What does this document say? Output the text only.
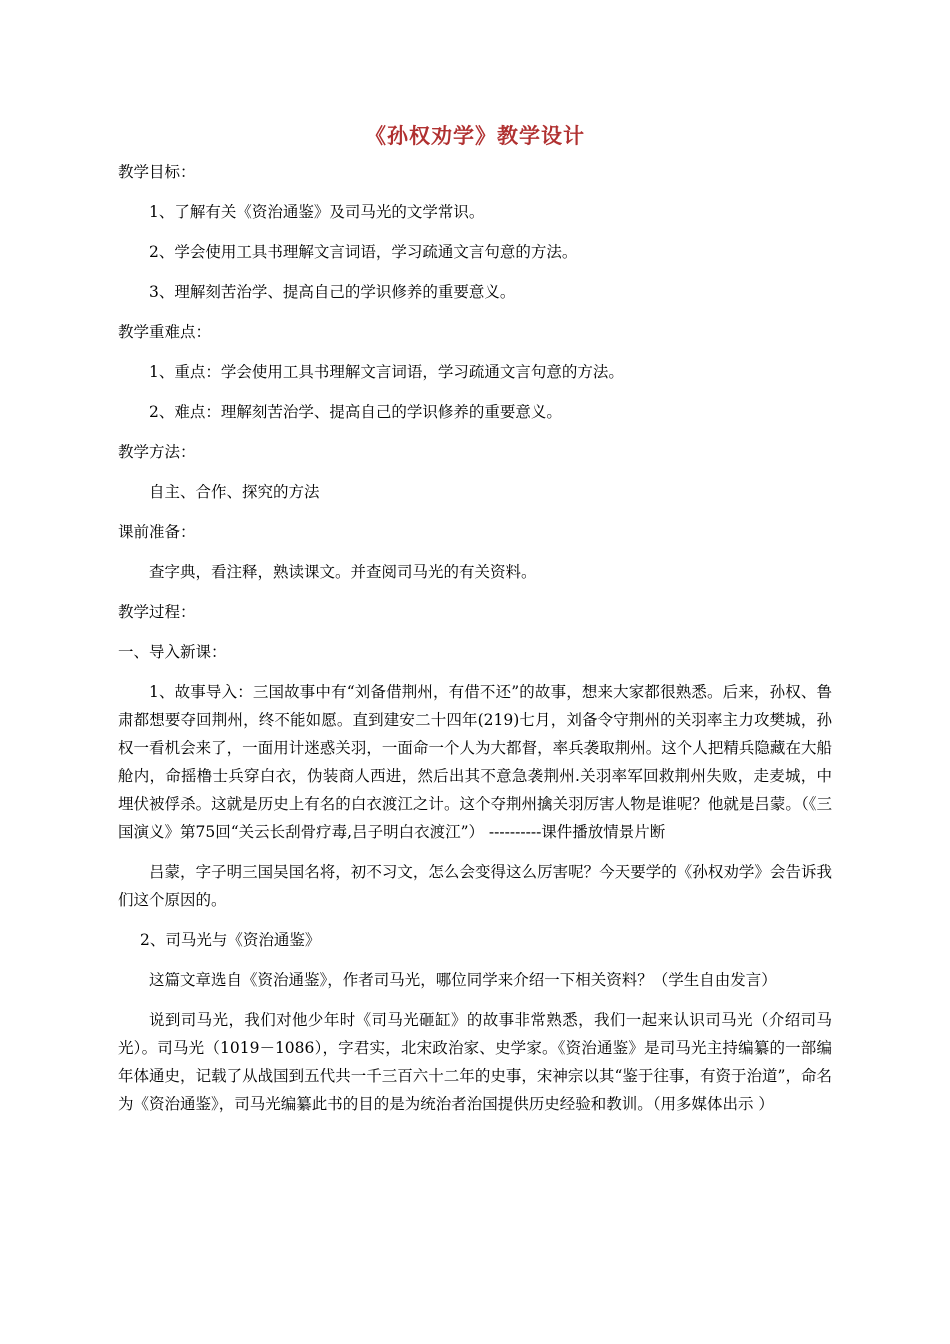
《孙权劝学》教学设计

教学目标：

1、了解有关《资治通鉴》及司马光的文学常识。

2、学会使用工具书理解文言词语，学习疏通文言句意的方法。

3、理解刻苦治学、提高自己的学识修养的重要意义。

教学重难点：

1、重点：学会使用工具书理解文言词语，学习疏通文言句意的方法。

2、难点：理解刻苦治学、提高自己的学识修养的重要意义。

教学方法：

自主、合作、探究的方法

课前准备：

查字典，看注释，熟读课文。并查阅司马光的有关资料。

教学过程：

一、导入新课：

1、故事导入：三国故事中有“刘备借荆州，有借不还”的故事，想来大家都很熟悉。后来，孙权、鲁肃都想要夺回荆州，终不能如愿。直到建安二十四年(219)七月，刘备令守荆州的关羽率主力攻樊城，孙权一看机会来了，一面用计迷惑关羽，一面命一个人为大都督，率兵袭取荆州。这个人把精兵隐藏在大船舱内，命摇橹士兵穿白衣，伪装商人西进，然后出其不意急袭荆州.关羽率军回救荆州失败，走麦城，中埋伏被俘杀。这就是历史上有名的白衣渡江之计。这个夺荆州擒关羽厉害人物是谁呢？他就是吕蒙。（《三国演义》第75回“关云长刮骨疗毒,吕子明白衣渡江”） ----------课件播放情景片断

吕蒙，字子明三国吴国名将，初不习文，怎么会变得这么厉害呢？今天要学的《孙权劝学》会告诉我们这个原因的。

2、司马光与《资治通鉴》

这篇文章选自《资治通鉴》，作者司马光，哪位同学来介绍一下相关资料？（学生自由发言）

说到司马光，我们对他少年时《司马光砸缸》的故事非常熟悉，我们一起来认识司马光（介绍司马光）。司马光（1019－1086），字君实，北宋政治家、史学家。《资治通鉴》是司马光主持编纂的一部编年体通史，记载了从战国到五代共一千三百六十二年的史事，宋神宗以其“鉴于往事，有资于治道”，命名为《资治通鉴》，司马光编纂此书的目的是为统治者治国提供历史经验和教训。（用多媒体出示 ）
